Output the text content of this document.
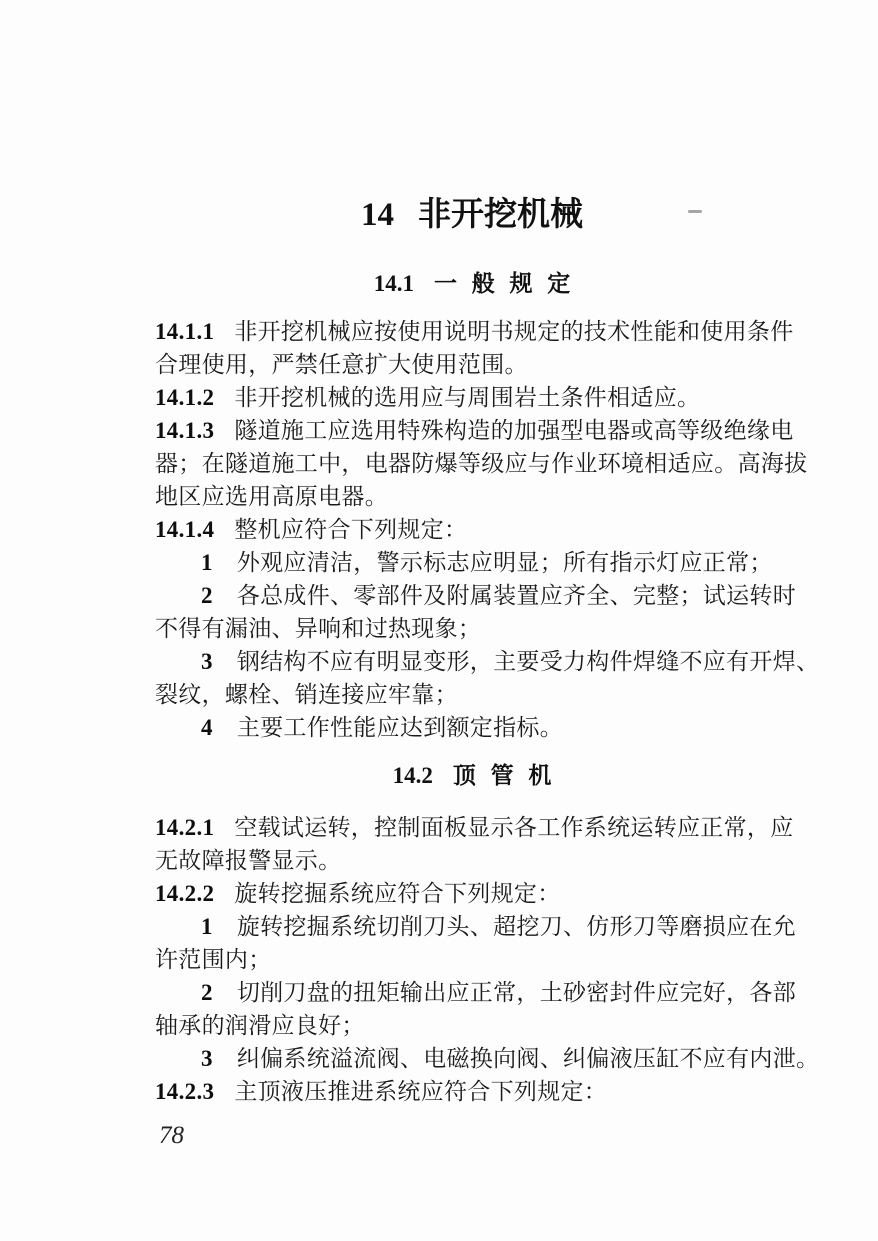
14 非开挖机械
14.1 一 般 规 定
14.1.1 非开挖机械应按使用说明书规定的技术性能和使用条件
合理使用，严禁任意扩大使用范围。
14.1.2 非开挖机械的选用应与周围岩土条件相适应。
14.1.3 隧道施工应选用特殊构造的加强型电器或高等级绝缘电
器；在隧道施工中，电器防爆等级应与作业环境相适应。高海拔
地区应选用高原电器。
14.1.4 整机应符合下列规定：
1 外观应清洁，警示标志应明显；所有指示灯应正常；
2 各总成件、零部件及附属装置应齐全、完整；试运转时
不得有漏油、异响和过热现象；
3 钢结构不应有明显变形，主要受力构件焊缝不应有开焊、
裂纹，螺栓、销连接应牢靠；
4 主要工作性能应达到额定指标。
14.2 顶 管 机
14.2.1 空载试运转，控制面板显示各工作系统运转应正常，应
无故障报警显示。
14.2.2 旋转挖掘系统应符合下列规定：
1 旋转挖掘系统切削刀头、超挖刀、仿形刀等磨损应在允
许范围内；
2 切削刀盘的扭矩输出应正常，土砂密封件应完好，各部
轴承的润滑应良好；
3 纠偏系统溢流阀、电磁换向阀、纠偏液压缸不应有内泄。
14.2.3 主顶液压推进系统应符合下列规定：
78
